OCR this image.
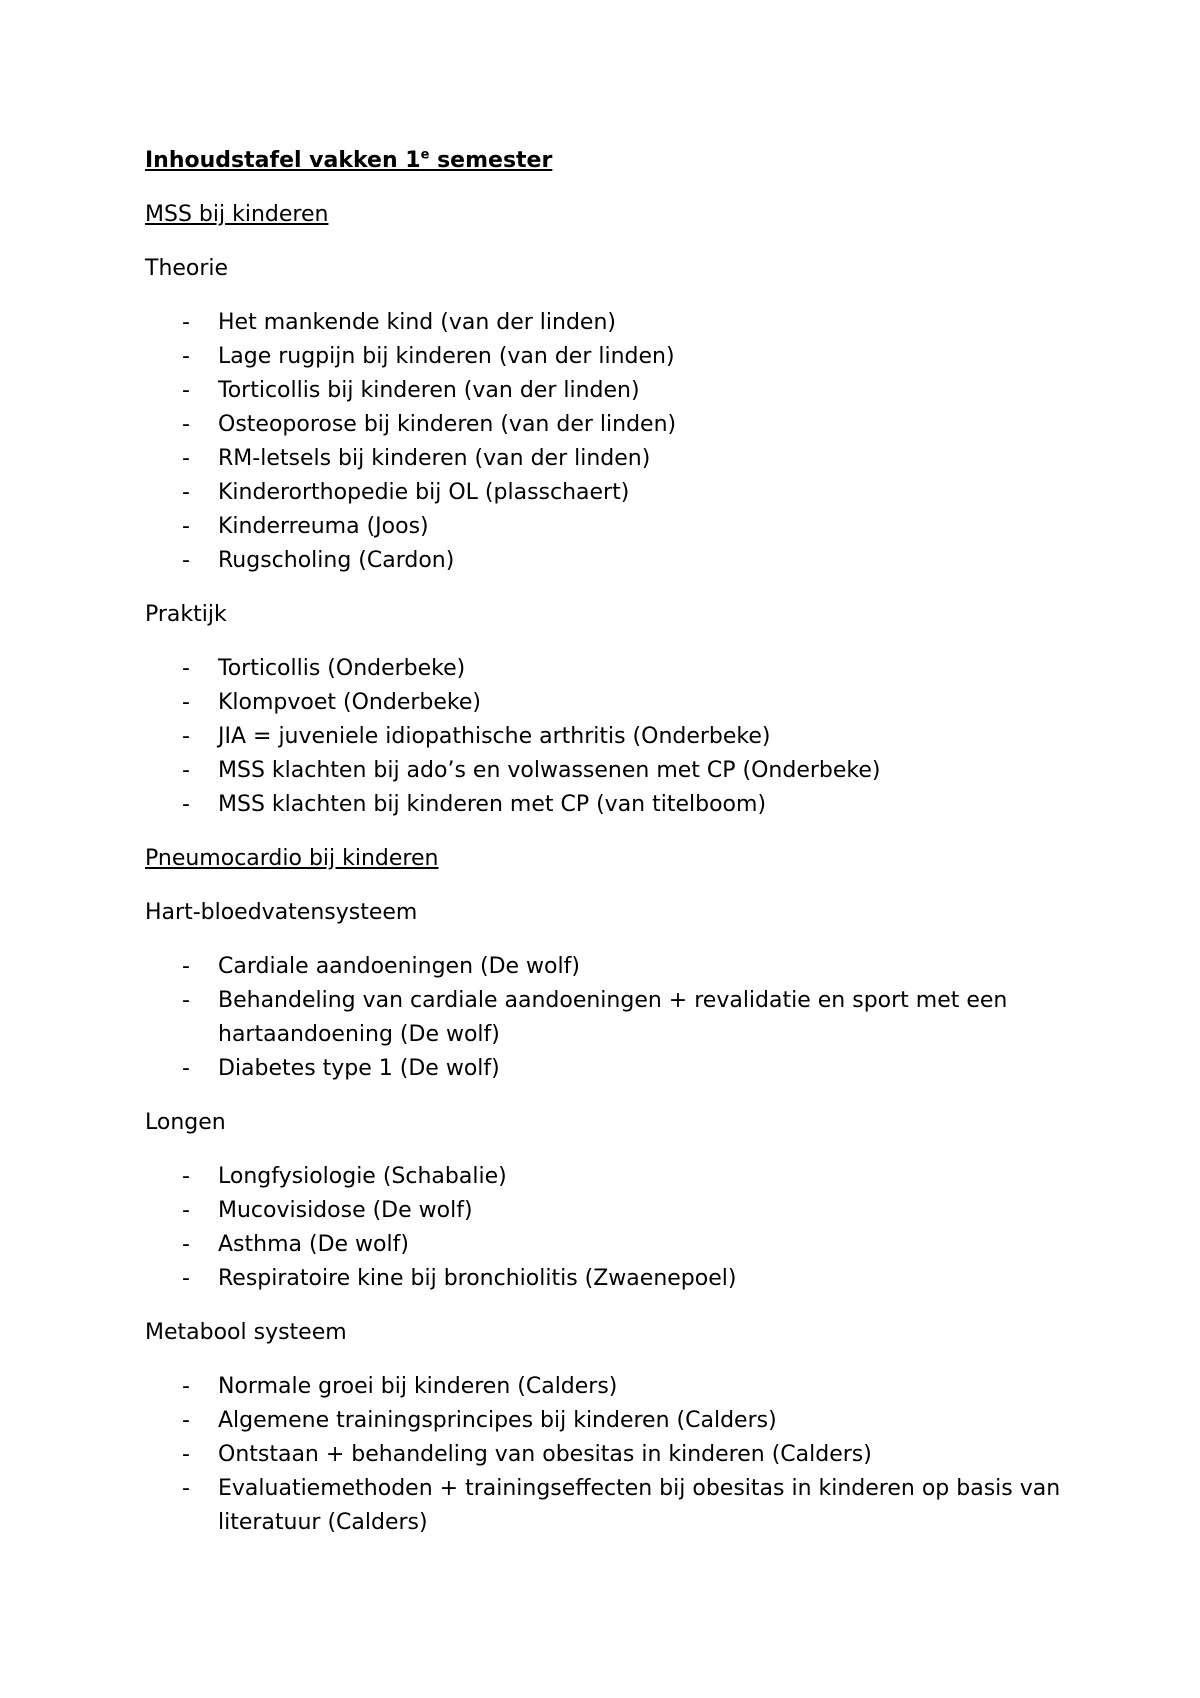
Inhoudstafel vakken 1e semester
MSS bij kinderen
Theorie
- Het mankende kind (van der linden)
- Lage rugpijn bij kinderen (van der linden)
- Torticollis bij kinderen (van der linden)
- Osteoporose bij kinderen (van der linden)
- RM-letsels bij kinderen (van der linden)
- Kinderorthopedie bij OL (plasschaert)
- Kinderreuma (Joos)
- Rugscholing (Cardon)
Praktijk
- Torticollis (Onderbeke)
- Klompvoet (Onderbeke)
- JIA = juveniele idiopathische arthritis (Onderbeke)
- MSS klachten bij ado’s en volwassenen met CP (Onderbeke)
- MSS klachten bij kinderen met CP (van titelboom)
Pneumocardio bij kinderen
Hart-bloedvatensysteem
- Cardiale aandoeningen (De wolf)
- Behandeling van cardiale aandoeningen + revalidatie en sport met een hartaandoening (De wolf)
- Diabetes type 1 (De wolf)
Longen
- Longfysiologie (Schabalie)
- Mucovisidose (De wolf)
- Asthma (De wolf)
- Respiratoire kine bij bronchiolitis (Zwaenepoel)
Metabool systeem
- Normale groei bij kinderen (Calders)
- Algemene trainingsprincipes bij kinderen (Calders)
- Ontstaan + behandeling van obesitas in kinderen (Calders)
- Evaluatiemethoden + trainingseffecten bij obesitas in kinderen op basis van literatuur (Calders)
